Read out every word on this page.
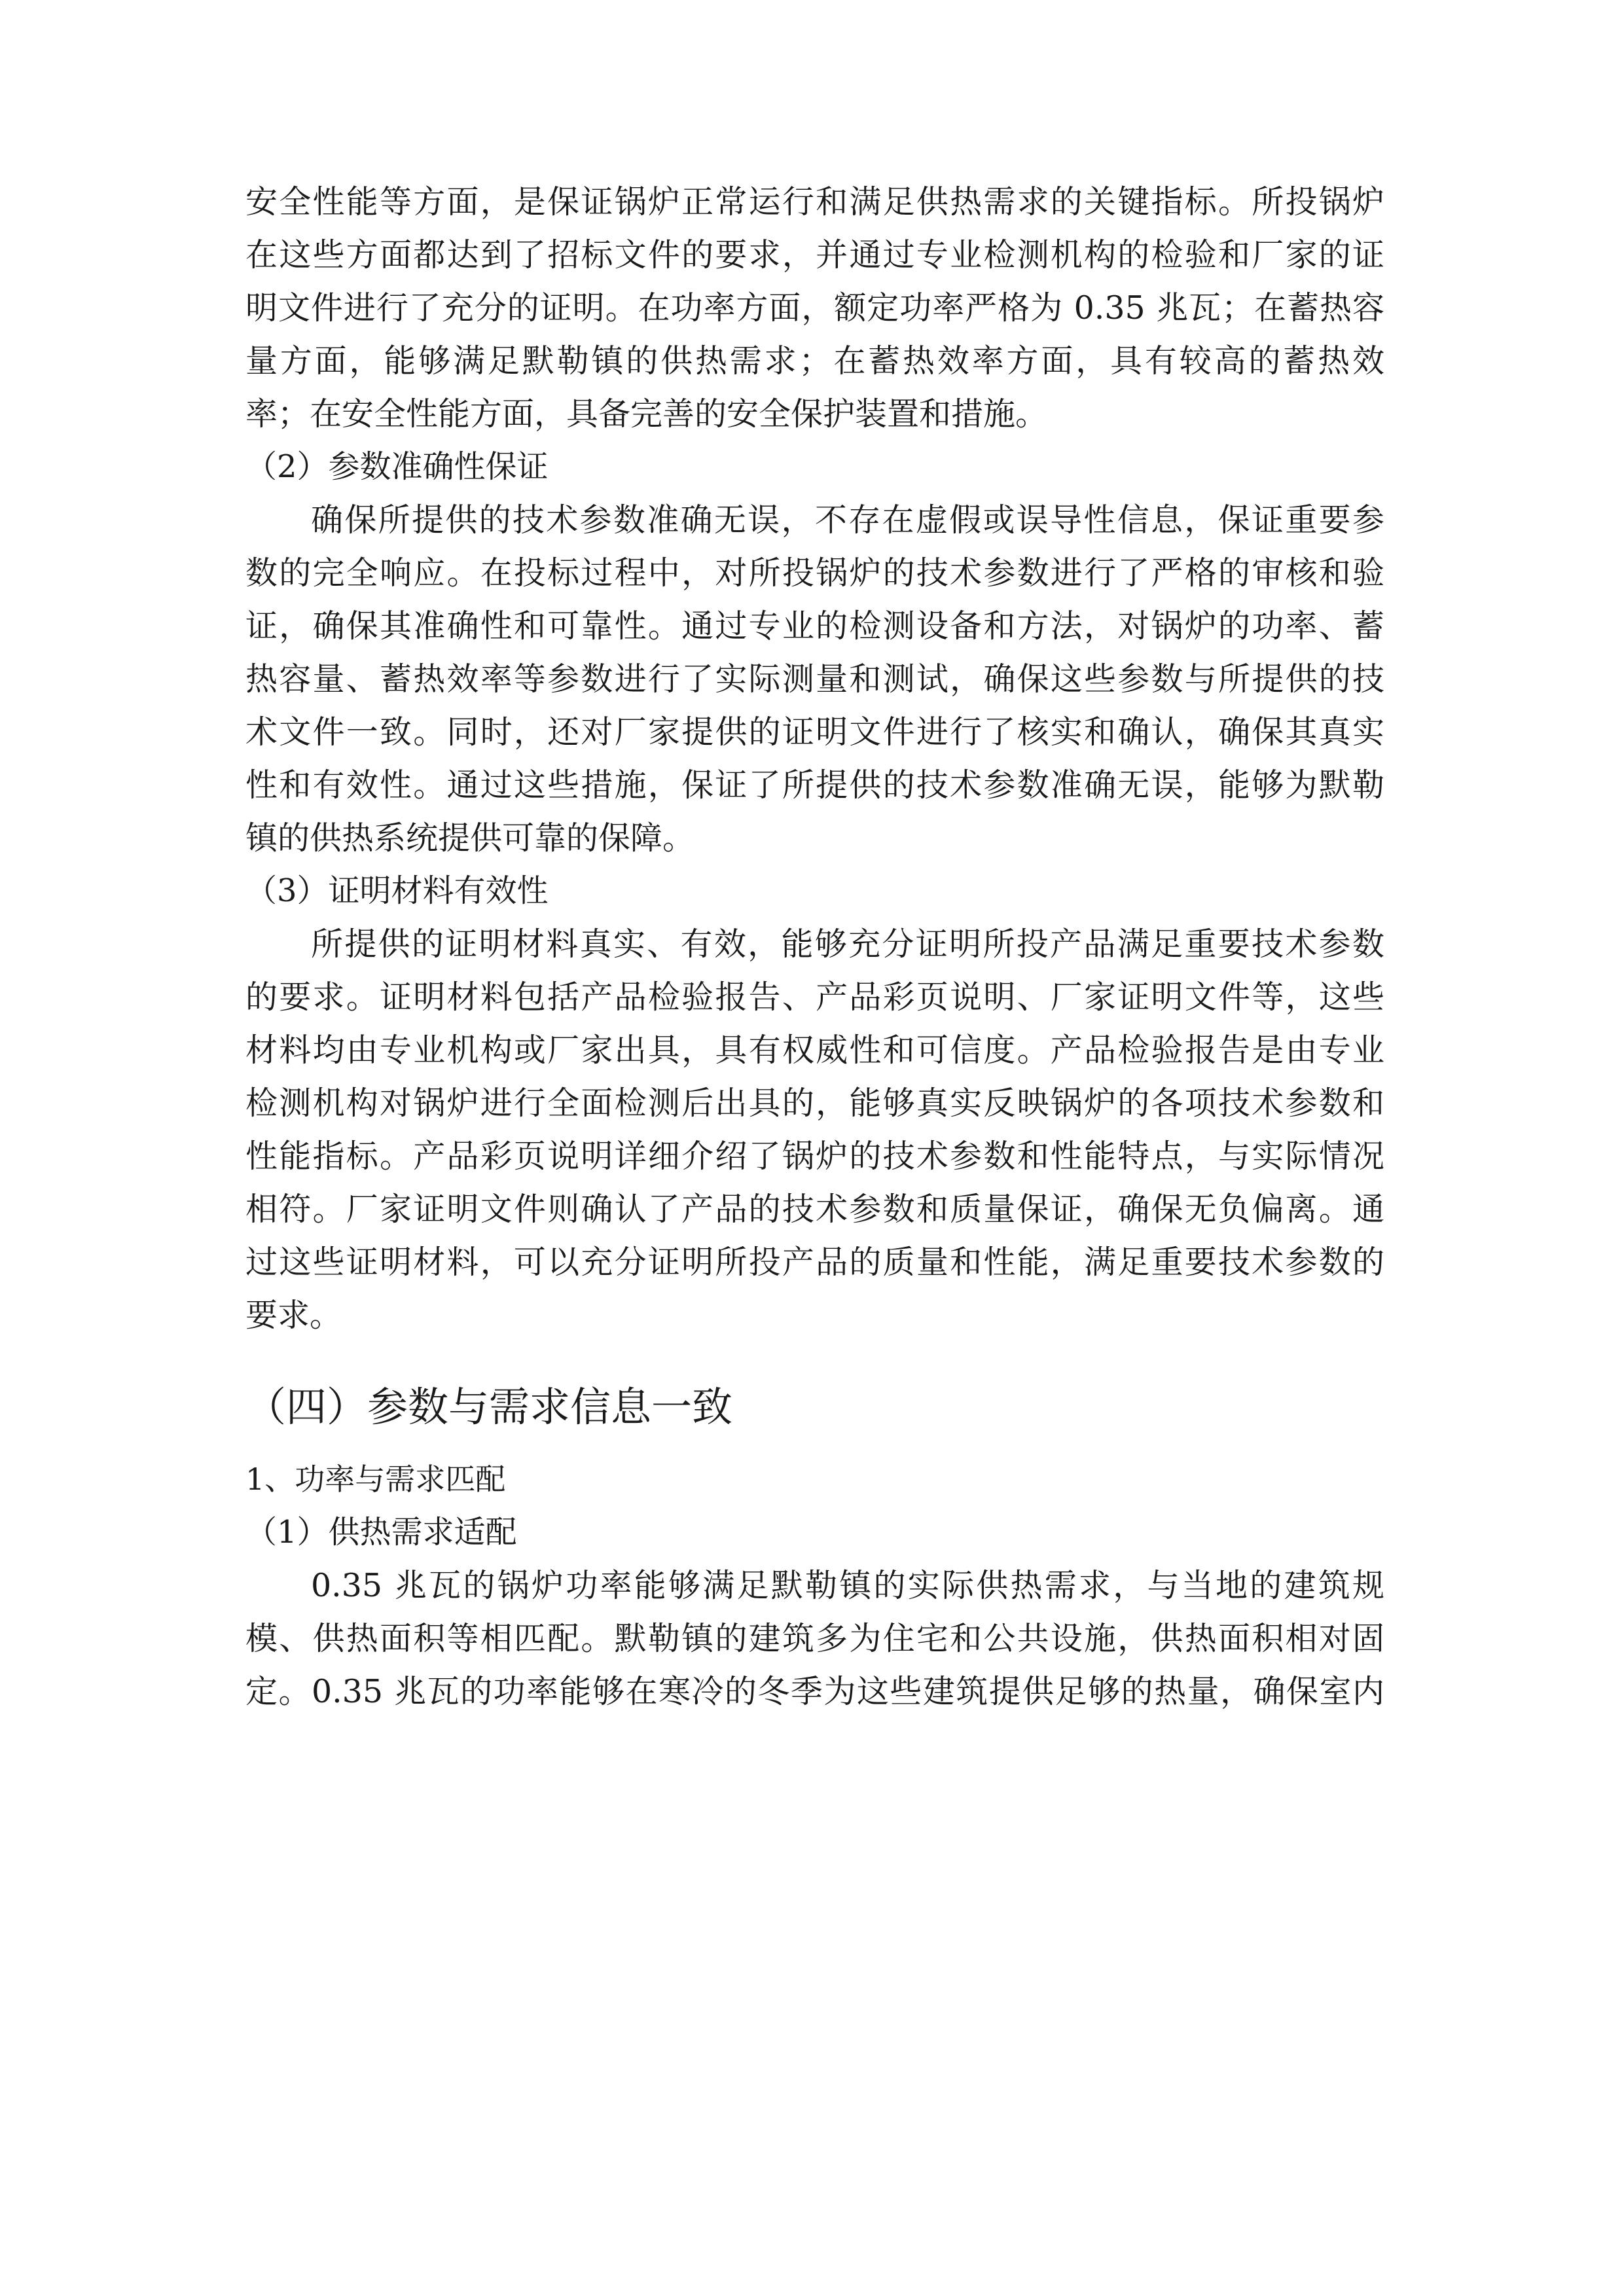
安全性能等方面，是保证锅炉正常运行和满足供热需求的关键指标。所投锅炉
在这些方面都达到了招标文件的要求，并通过专业检测机构的检验和厂家的证
明文件进行了充分的证明。在功率方面，额定功率严格为 0.35 兆瓦；在蓄热容
量方面，能够满足默勒镇的供热需求；在蓄热效率方面，具有较高的蓄热效
率；在安全性能方面，具备完善的安全保护装置和措施。
（2）参数准确性保证
确保所提供的技术参数准确无误，不存在虚假或误导性信息，保证重要参
数的完全响应。在投标过程中，对所投锅炉的技术参数进行了严格的审核和验
证，确保其准确性和可靠性。通过专业的检测设备和方法，对锅炉的功率、蓄
热容量、蓄热效率等参数进行了实际测量和测试，确保这些参数与所提供的技
术文件一致。同时，还对厂家提供的证明文件进行了核实和确认，确保其真实
性和有效性。通过这些措施，保证了所提供的技术参数准确无误，能够为默勒
镇的供热系统提供可靠的保障。
（3）证明材料有效性
所提供的证明材料真实、有效，能够充分证明所投产品满足重要技术参数
的要求。证明材料包括产品检验报告、产品彩页说明、厂家证明文件等，这些
材料均由专业机构或厂家出具，具有权威性和可信度。产品检验报告是由专业
检测机构对锅炉进行全面检测后出具的，能够真实反映锅炉的各项技术参数和
性能指标。产品彩页说明详细介绍了锅炉的技术参数和性能特点，与实际情况
相符。厂家证明文件则确认了产品的技术参数和质量保证，确保无负偏离。通
过这些证明材料，可以充分证明所投产品的质量和性能，满足重要技术参数的
要求。
（四）参数与需求信息一致
1、功率与需求匹配
（1）供热需求适配
0.35 兆瓦的锅炉功率能够满足默勒镇的实际供热需求，与当地的建筑规
模、供热面积等相匹配。默勒镇的建筑多为住宅和公共设施，供热面积相对固
定。0.35 兆瓦的功率能够在寒冷的冬季为这些建筑提供足够的热量，确保室内
